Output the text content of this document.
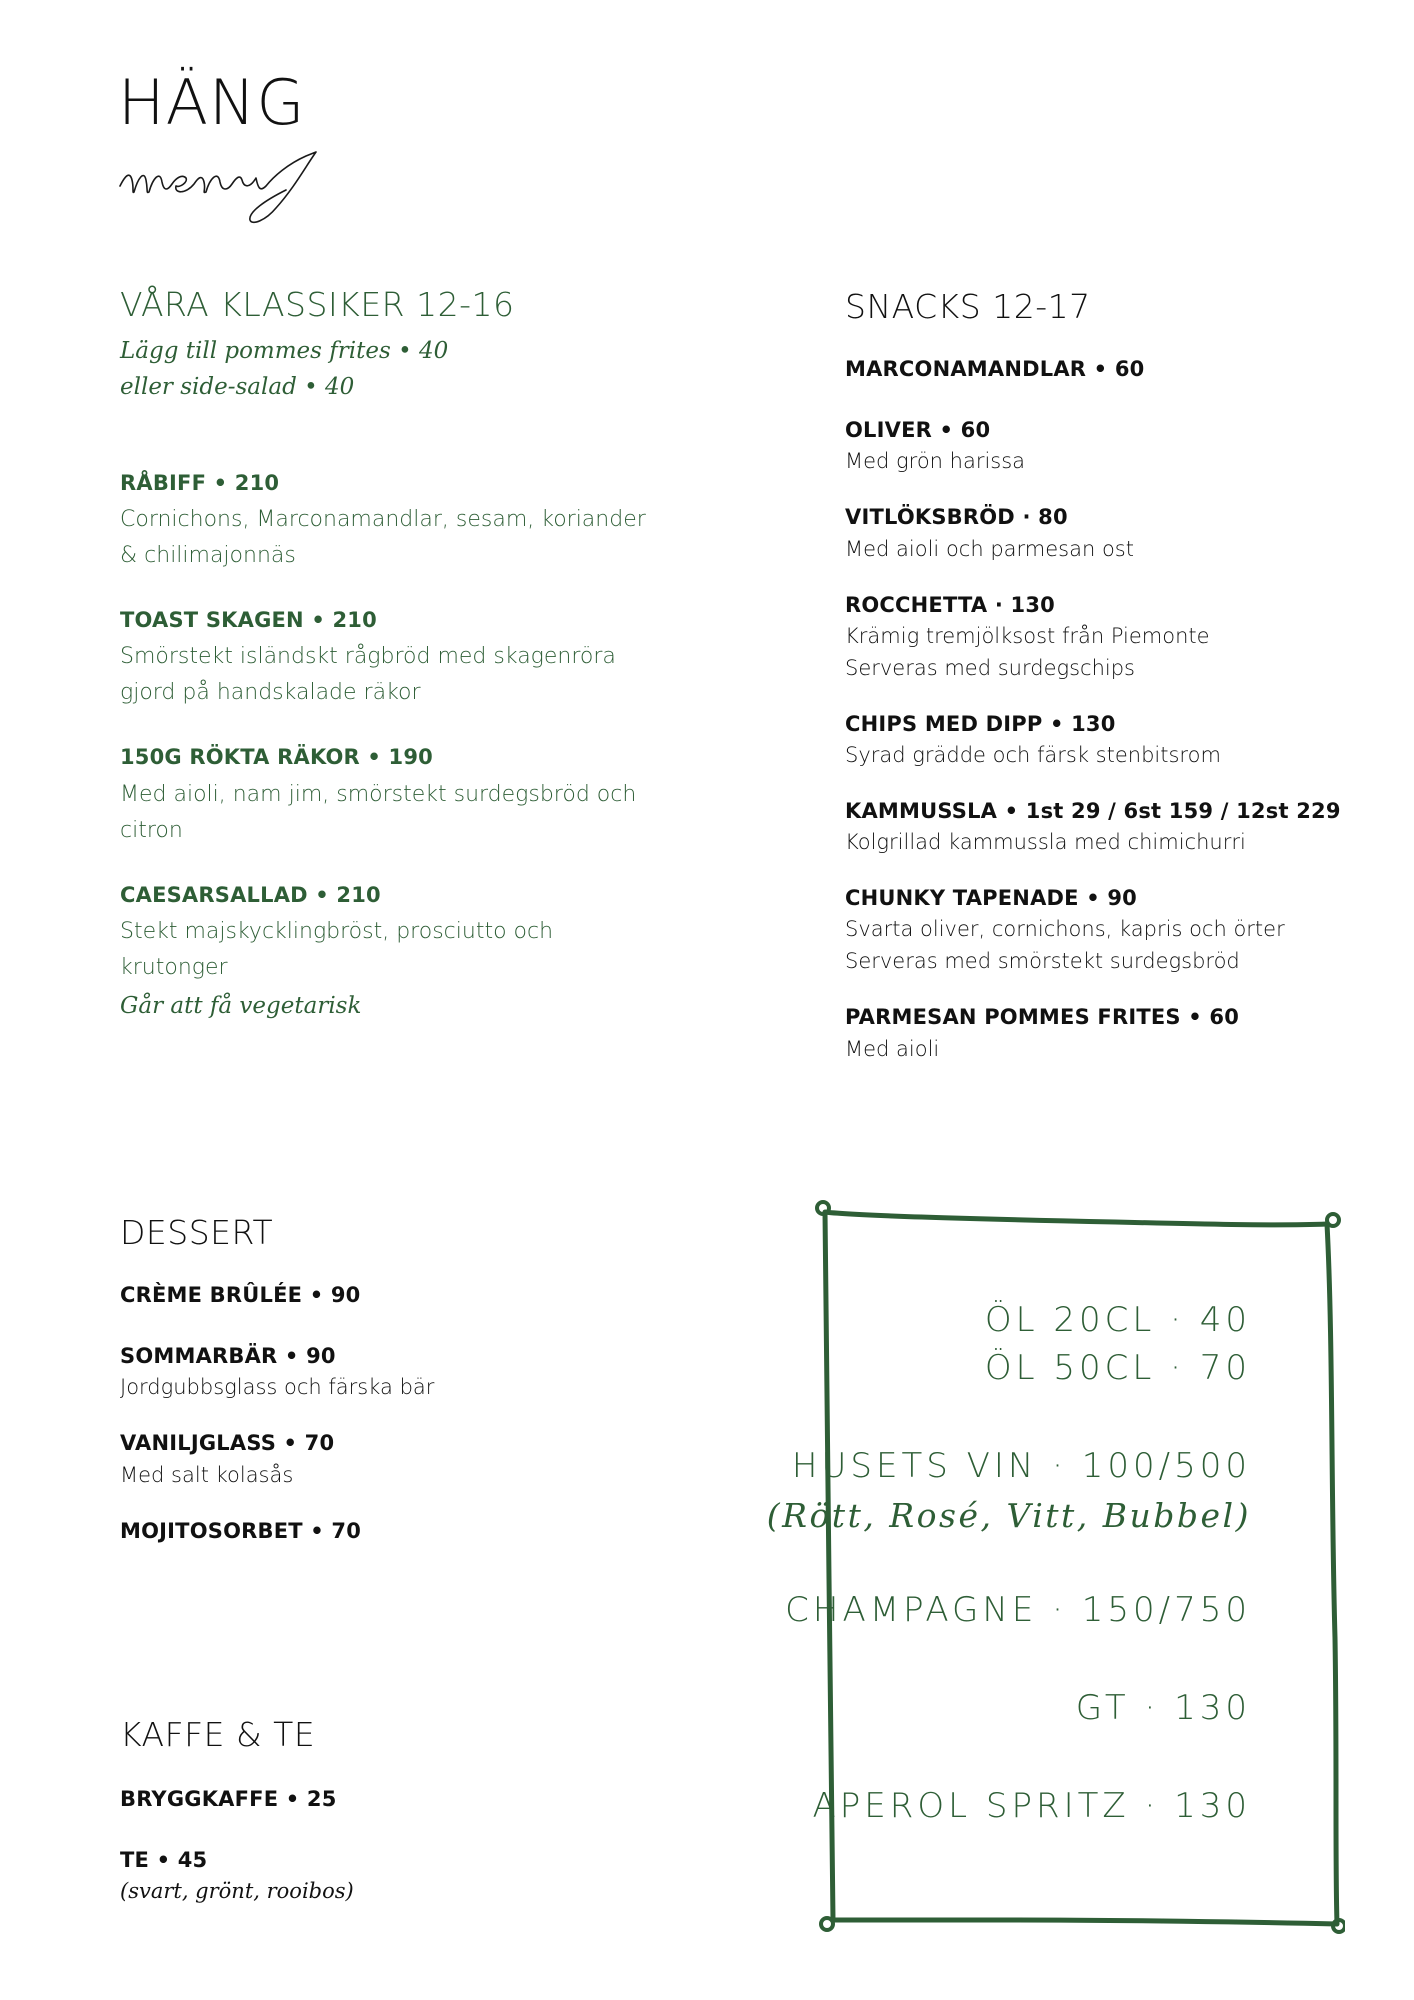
HÄNG
VÅRA KLASSIKER 12-16

Lägg till pommes frites • 40

eller side-salad • 40

RÅBIFF • 210

Cornichons, Marconamandlar, sesam, koriander

& chilimajonnäs

TOAST SKAGEN • 210

Smörstekt isländskt rågbröd med skagenröra

gjord på handskalade räkor

150G RÖKTA RÄKOR • 190

Med aioli, nam jim, smörstekt surdegsbröd och

citron

CAESARSALLAD • 210

Stekt majskycklingbröst, prosciutto och

krutonger

Går att få vegetarisk

SNACKS 12-17

MARCONAMANDLAR • 60

OLIVER • 60

Med grön harissa

VITLÖKSBRÖD · 80

Med aioli och parmesan ost

ROCCHETTA · 130

Krämig tremjölksost från Piemonte

Serveras med surdegschips

CHIPS MED DIPP • 130

Syrad grädde och färsk stenbitsrom

KAMMUSSLA • 1st 29 / 6st 159 / 12st 229

Kolgrillad kammussla med chimichurri

CHUNKY TAPENADE • 90

Svarta oliver, cornichons, kapris och örter

Serveras med smörstekt surdegsbröd

PARMESAN POMMES FRITES • 60

Med aioli

DESSERT

CRÈME BRÛLÉE • 90

SOMMARBÄR • 90

Jordgubbsglass och färska bär

VANILJGLASS • 70

Med salt kolasås

MOJITOSORBET • 70

KAFFE & TE

BRYGGKAFFE • 25

TE • 45

(svart, grönt, rooibos)

ÖL 20CL · 40

ÖL 50CL · 70

HUSETS VIN · 100/500

(Rött, Rosé, Vitt, Bubbel)

CHAMPAGNE · 150/750

GT · 130

APEROL SPRITZ · 130
